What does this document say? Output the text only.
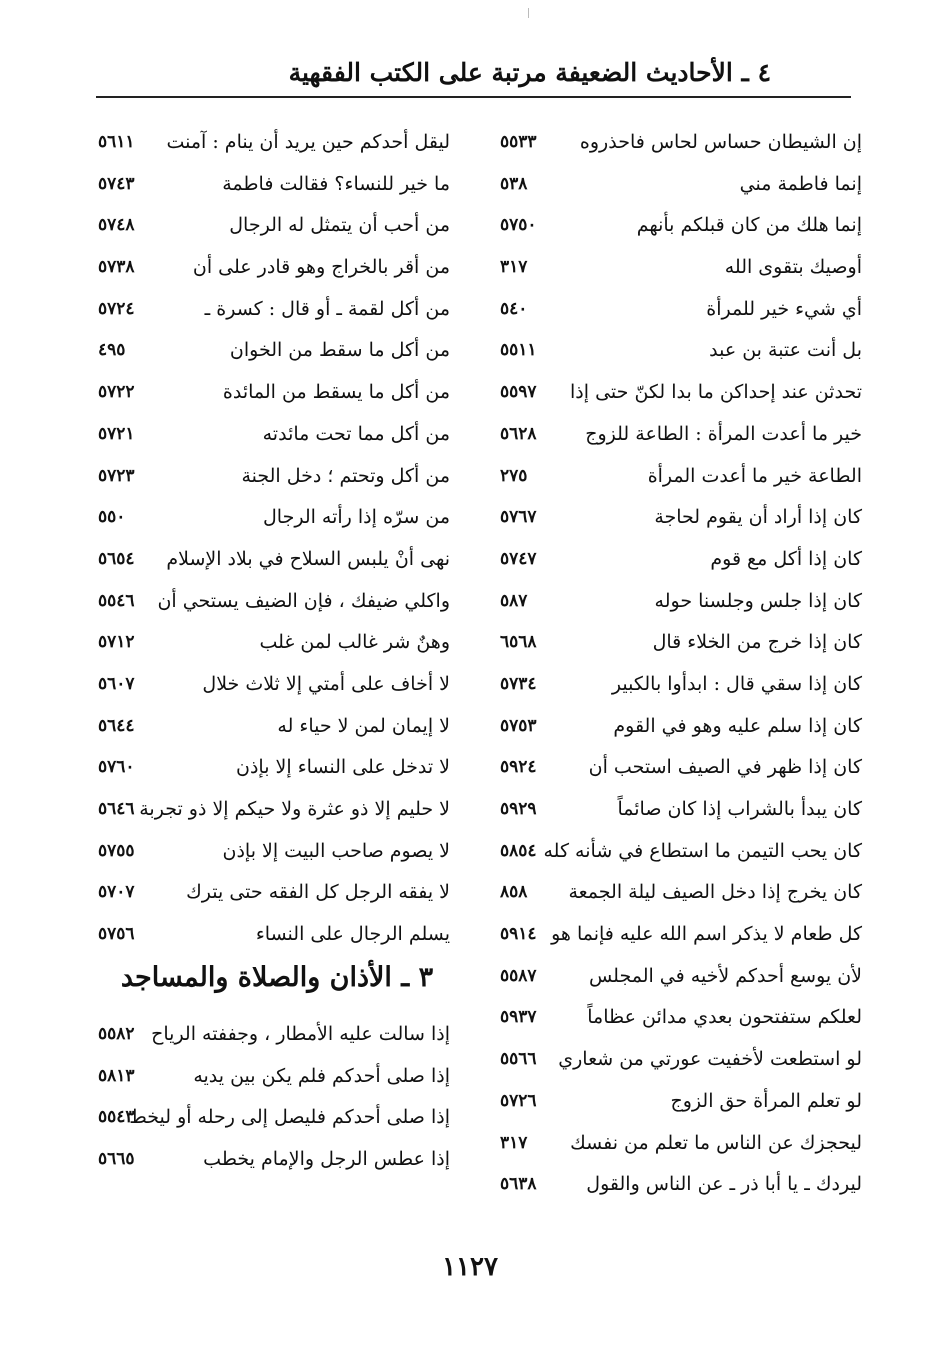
٤ ـ الأحاديث الضعيفة مرتبة على الكتب الفقهية
إن الشيطان حساس لحاس فاحذروه
٥٥٣٣
إنما فاطمة مني
٥٣٨
إنما هلك من كان قبلكم بأنهم
٥٧٥٠
أوصيك بتقوى الله
٣١٧
أي شيء خير للمرأة
٥٤٠
بل أنت عتبة بن عبد
٥٥١١
تحدثن عند إحداكن ما بدا لكنّ حتى إذا
٥٥٩٧
خير ما أعدت المرأة : الطاعة للزوج
٥٦٢٨
الطاعة خير ما أعدت المرأة
٢٧٥
كان إذا أراد أن يقوم لحاجة
٥٧٦٧
كان إذا أكل مع قوم
٥٧٤٧
كان إذا جلس وجلسنا حوله
٥٨٧
كان إذا خرج من الخلاء قال
٦٥٦٨
كان إذا سقي قال : ابدأوا بالكبير
٥٧٣٤
كان إذا سلم عليه وهو في القوم
٥٧٥٣
كان إذا ظهر في الصيف استحب أن
٥٩٢٤
كان يبدأ بالشراب إذا كان صائماً
٥٩٢٩
كان يحب التيمن ما استطاع في شأنه كله
٥٨٥٤
كان يخرج إذا دخل الصيف ليلة الجمعة
٨٥٨
كل طعام لا يذكر اسم الله عليه فإنما هو
٥٩١٤
لأن يوسع أحدكم لأخيه في المجلس
٥٥٨٧
لعلكم ستفتحون بعدي مدائن عظاماً
٥٩٣٧
لو استطعت لأخفيت عورتي من شعاري
٥٥٦٦
لو تعلم المرأة حق الزوج
٥٧٢٦
ليحجزك عن الناس ما تعلم من نفسك
٣١٧
ليردك ـ يا أبا ذر ـ عن الناس والقول
٥٦٣٨
ليقل أحدكم حين يريد أن ينام : آمنت
٥٦١١
ما خير للنساء؟ فقالت فاطمة
٥٧٤٣
من أحب أن يتمثل له الرجال
٥٧٤٨
من أقر بالخراج وهو قادر على أن
٥٧٣٨
من أكل لقمة ـ أو قال : كسرة ـ
٥٧٢٤
من أكل ما سقط من الخوان
٤٩٥
من أكل ما يسقط من المائدة
٥٧٢٢
من أكل مما تحت مائدته
٥٧٢١
من أكل وتحتم ؛ دخل الجنة
٥٧٢٣
من سرّه إذا رأته الرجال
٥٥٠
نهى أنْ يلبس السلاح في بلاد الإسلام
٥٦٥٤
واكلي ضيفك ، فإن الضيف يستحي أن
٥٥٤٦
وهنٌ شر غالب لمن غلب
٥٧١٢
لا أخاف على أمتي إلا ثلاث خلال
٥٦٠٧
لا إيمان لمن لا حياء له
٥٦٤٤
لا تدخل على النساء إلا بإذن
٥٧٦٠
لا حليم إلا ذو عثرة ولا حيكم إلا ذو تجربة
٥٦٤٦
لا يصوم صاحب البيت إلا بإذن
٥٧٥٥
لا يفقه الرجل كل الفقه حتى يترك
٥٧٠٧
يسلم الرجال على النساء
٥٧٥٦
٣ ـ الأذان والصلاة والمساجد
إذا سالت عليه الأمطار ، وجففته الرياح
٥٥٨٢
إذا صلى أحدكم فلم يكن بين يديه
٥٨١٣
إذا صلى أحدكم فليصل إلى رحله أو ليخط
٥٥٤٣
إذا عطس الرجل والإمام يخطب
٥٦٦٥
١١٢٧
